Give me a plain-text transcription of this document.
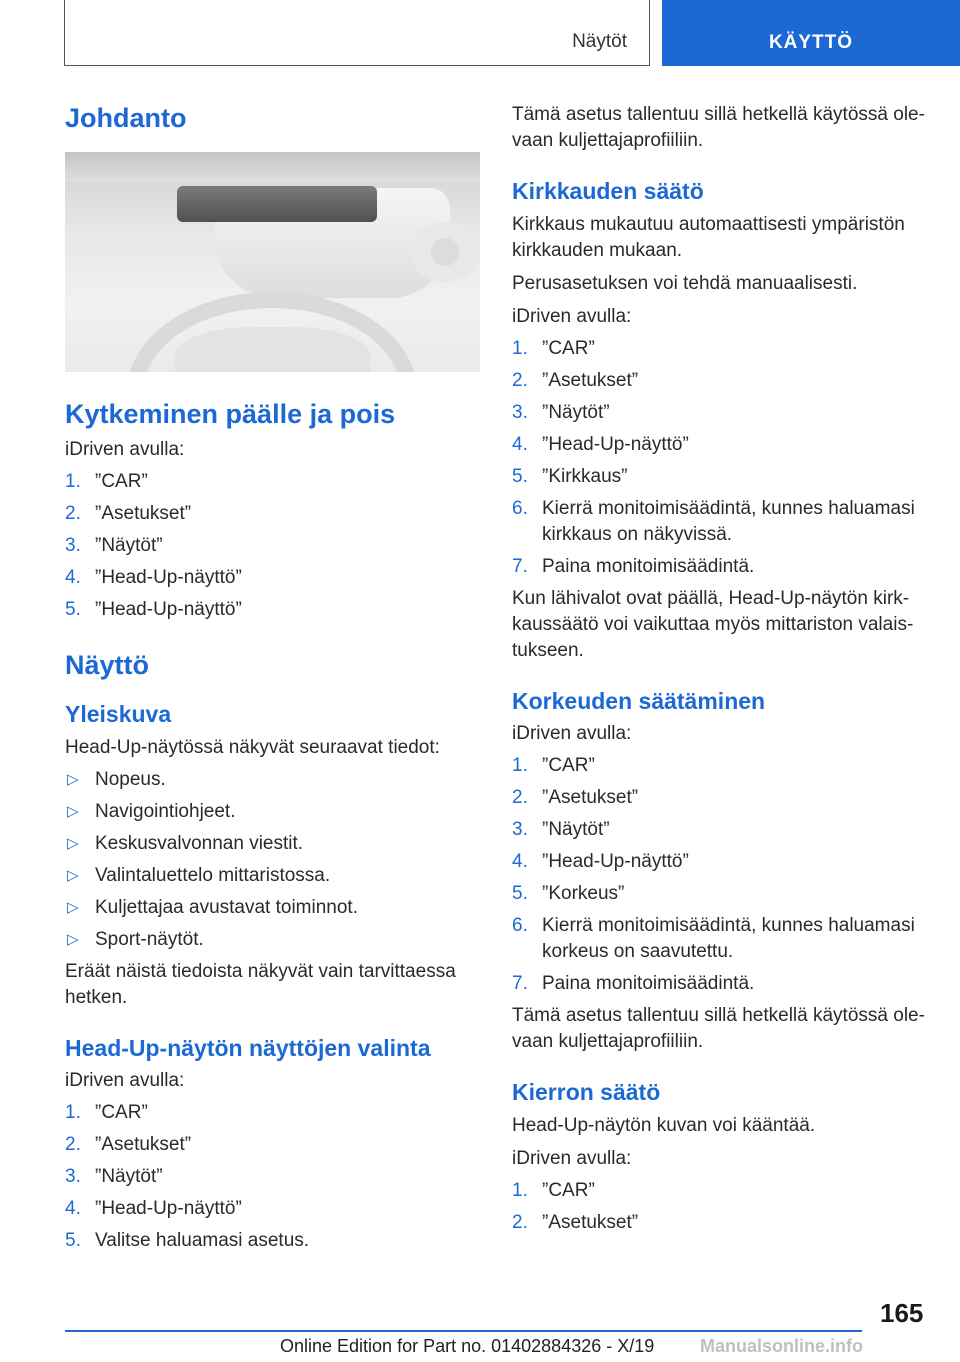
Näytöt	KÄYTTÖ
Johdanto
Kytkeminen päälle ja pois

iDriven avulla:

1. ”CAR”
2. ”Asetukset”
3. ”Näytöt”
4. ”Head-Up-näyttö”
5. ”Head-Up-näyttö”
Näyttö
Yleiskuva

Head-Up-näytössä näkyvät seuraavat tiedot:

▷ Nopeus.
▷ Navigointiohjeet.
▷ Keskusvalvonnan viestit.
▷ Valintaluettelo mittaristossa.
▷ Kuljettajaa avustavat toiminnot.
▷ Sport-näytöt.

Eräät näistä tiedoista näkyvät vain tarvittaessa hetken.

Head-Up-näytön näyttöjen valinta

iDriven avulla:

1. ”CAR”
2. ”Asetukset”
3. ”Näytöt”
4. ”Head-Up-näyttö”
5. Valitse haluamasi asetus.

Tämä asetus tallentuu sillä hetkellä käytössä olevaan kuljettajaprofiiliin.

Kirkkauden säätö

Kirkkaus mukautuu automaattisesti ympäristön kirkkauden mukaan.

Perusasetuksen voi tehdä manuaalisesti.

iDriven avulla:

1. ”CAR”
2. ”Asetukset”
3. ”Näytöt”
4. ”Head-Up-näyttö”
5. ”Kirkkaus”
6. Kierrä monitoimisäädintä, kunnes haluamasi kirkkaus on näkyvissä.
7. Paina monitoimisäädintä.

Kun lähivalot ovat päällä, Head-Up-näytön kirkkaussäätö voi vaikuttaa myös mittariston valaistukseen.

Korkeuden säätäminen

iDriven avulla:

1. ”CAR”
2. ”Asetukset”
3. ”Näytöt”
4. ”Head-Up-näyttö”
5. ”Korkeus”
6. Kierrä monitoimisäädintä, kunnes haluamasi korkeus on saavutettu.
7. Paina monitoimisäädintä.

Tämä asetus tallentuu sillä hetkellä käytössä olevaan kuljettajaprofiiliin.

Kierron säätö

Head-Up-näytön kuvan voi kääntää.

iDriven avulla:

1. ”CAR”
2. ”Asetukset”
165
Online Edition for Part no. 01402884326 - X/19	Manualsonline.info
